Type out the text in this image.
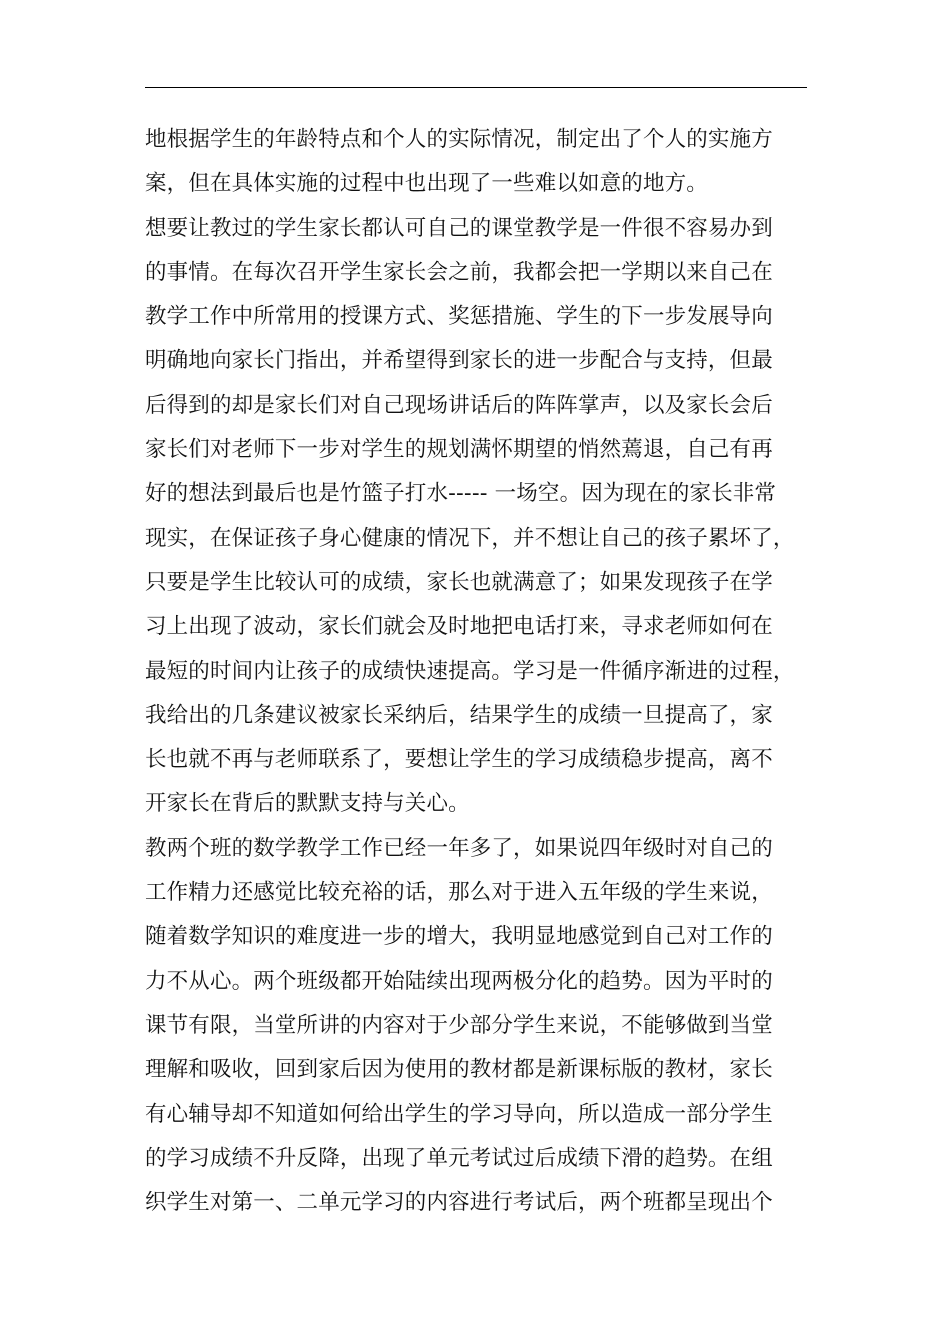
地根据学生的年龄特点和个人的实际情况，制定出了个人的实施方
案，但在具体实施的过程中也出现了一些难以如意的地方。
想要让教过的学生家长都认可自己的课堂教学是一件很不容易办到
的事情。在每次召开学生家长会之前，我都会把一学期以来自己在
教学工作中所常用的授课方式、奖惩措施、学生的下一步发展导向
明确地向家长门指出，并希望得到家长的进一步配合与支持，但最
后得到的却是家长们对自己现场讲话后的阵阵掌声，以及家长会后
家长们对老师下一步对学生的规划满怀期望的悄然蔫退，自己有再
好的想法到最后也是竹篮子打水----- 一场空。因为现在的家长非常
现实，在保证孩子身心健康的情况下，并不想让自己的孩子累坏了，
只要是学生比较认可的成绩，家长也就满意了；如果发现孩子在学
习上出现了波动，家长们就会及时地把电话打来，寻求老师如何在
最短的时间内让孩子的成绩快速提高。学习是一件循序渐进的过程，
我给出的几条建议被家长采纳后，结果学生的成绩一旦提高了，家
长也就不再与老师联系了，要想让学生的学习成绩稳步提高，离不
开家长在背后的默默支持与关心。
教两个班的数学教学工作已经一年多了，如果说四年级时对自己的
工作精力还感觉比较充裕的话，那么对于进入五年级的学生来说，
随着数学知识的难度进一步的增大，我明显地感觉到自己对工作的
力不从心。两个班级都开始陆续出现两极分化的趋势。因为平时的
课节有限，当堂所讲的内容对于少部分学生来说，不能够做到当堂
理解和吸收，回到家后因为使用的教材都是新课标版的教材，家长
有心辅导却不知道如何给出学生的学习导向，所以造成一部分学生
的学习成绩不升反降，出现了单元考试过后成绩下滑的趋势。在组
织学生对第一、二单元学习的内容进行考试后，两个班都呈现出个
